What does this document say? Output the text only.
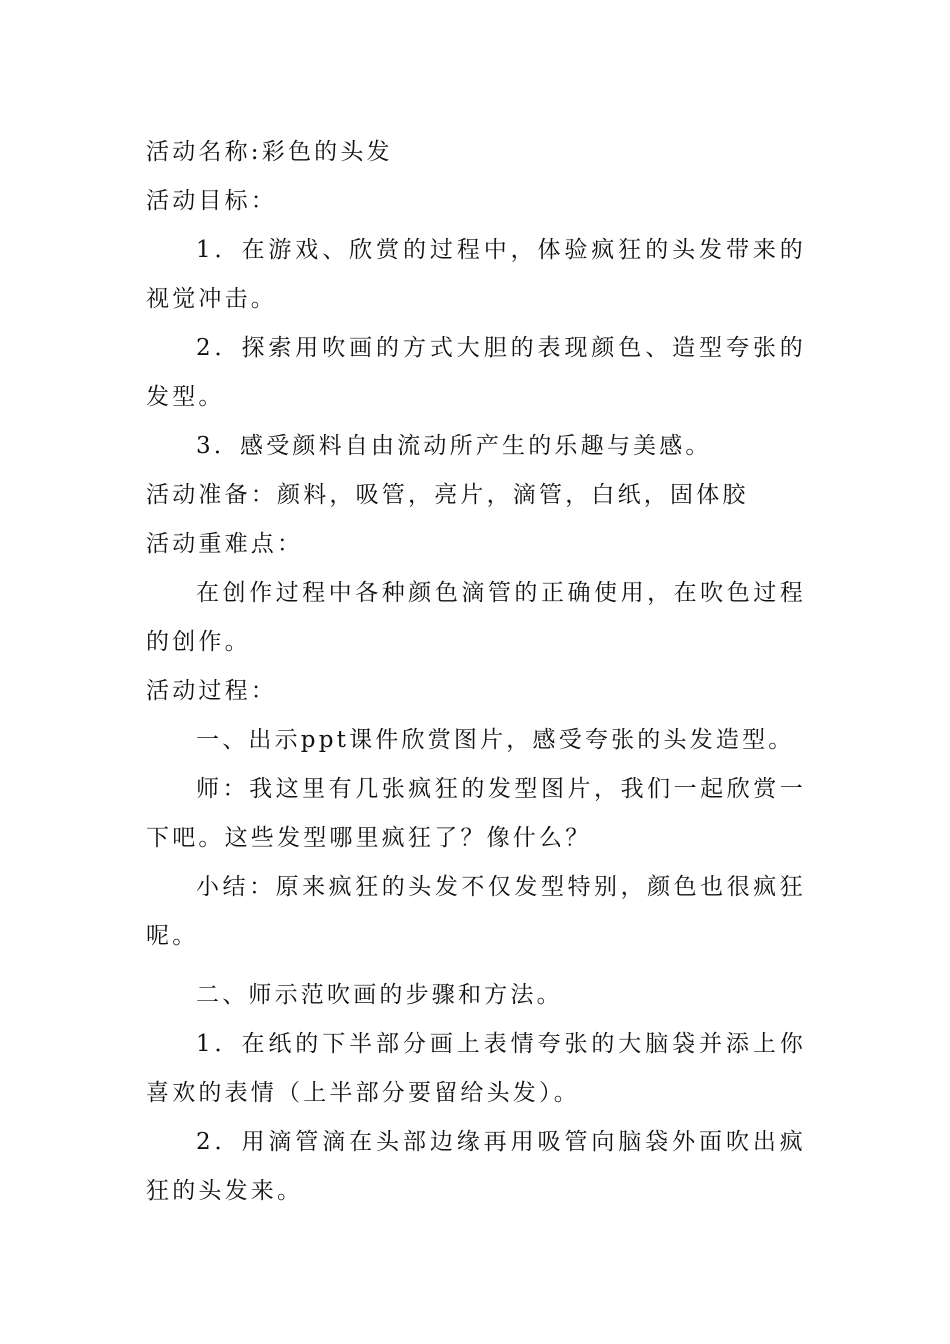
活动名称:彩色的头发
活动目标：
1．在游戏、欣赏的过程中，体验疯狂的头发带来的视觉冲击。
2．探索用吹画的方式大胆的表现颜色、造型夸张的发型。
3．感受颜料自由流动所产生的乐趣与美感。
活动准备：颜料，吸管，亮片，滴管，白纸，固体胶
活动重难点：
在创作过程中各种颜色滴管的正确使用，在吹色过程的创作。
活动过程：
一、出示ppt课件欣赏图片，感受夸张的头发造型。
师：我这里有几张疯狂的发型图片，我们一起欣赏一下吧。这些发型哪里疯狂了？像什么？
小结：原来疯狂的头发不仅发型特别，颜色也很疯狂呢。
二、师示范吹画的步骤和方法。
1．在纸的下半部分画上表情夸张的大脑袋并添上你喜欢的表情（上半部分要留给头发）。
2．用滴管滴在头部边缘再用吸管向脑袋外面吹出疯狂的头发来。
